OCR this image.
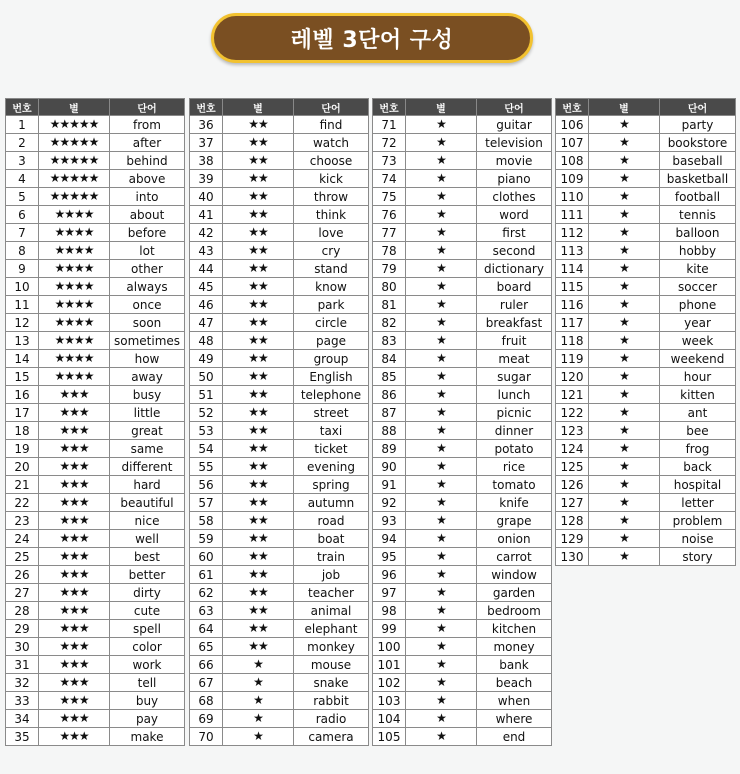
레벨 3단어 구성
번호	별	단어
1	★★★★★	from
2	★★★★★	after
3	★★★★★	behind
4	★★★★★	above
5	★★★★★	into
6	★★★★	about
7	★★★★	before
8	★★★★	lot
9	★★★★	other
10	★★★★	always
11	★★★★	once
12	★★★★	soon
13	★★★★	sometimes
14	★★★★	how
15	★★★★	away
16	★★★	busy
17	★★★	little
18	★★★	great
19	★★★	same
20	★★★	different
21	★★★	hard
22	★★★	beautiful
23	★★★	nice
24	★★★	well
25	★★★	best
26	★★★	better
27	★★★	dirty
28	★★★	cute
29	★★★	spell
30	★★★	color
31	★★★	work
32	★★★	tell
33	★★★	buy
34	★★★	pay
35	★★★	make
번호	별	단어
36	★★	find
37	★★	watch
38	★★	choose
39	★★	kick
40	★★	throw
41	★★	think
42	★★	love
43	★★	cry
44	★★	stand
45	★★	know
46	★★	park
47	★★	circle
48	★★	page
49	★★	group
50	★★	English
51	★★	telephone
52	★★	street
53	★★	taxi
54	★★	ticket
55	★★	evening
56	★★	spring
57	★★	autumn
58	★★	road
59	★★	boat
60	★★	train
61	★★	job
62	★★	teacher
63	★★	animal
64	★★	elephant
65	★★	monkey
66	★	mouse
67	★	snake
68	★	rabbit
69	★	radio
70	★	camera
번호	별	단어
71	★	guitar
72	★	television
73	★	movie
74	★	piano
75	★	clothes
76	★	word
77	★	first
78	★	second
79	★	dictionary
80	★	board
81	★	ruler
82	★	breakfast
83	★	fruit
84	★	meat
85	★	sugar
86	★	lunch
87	★	picnic
88	★	dinner
89	★	potato
90	★	rice
91	★	tomato
92	★	knife
93	★	grape
94	★	onion
95	★	carrot
96	★	window
97	★	garden
98	★	bedroom
99	★	kitchen
100	★	money
101	★	bank
102	★	beach
103	★	when
104	★	where
105	★	end
번호	별	단어
106	★	party
107	★	bookstore
108	★	baseball
109	★	basketball
110	★	football
111	★	tennis
112	★	balloon
113	★	hobby
114	★	kite
115	★	soccer
116	★	phone
117	★	year
118	★	week
119	★	weekend
120	★	hour
121	★	kitten
122	★	ant
123	★	bee
124	★	frog
125	★	back
126	★	hospital
127	★	letter
128	★	problem
129	★	noise
130	★	story
